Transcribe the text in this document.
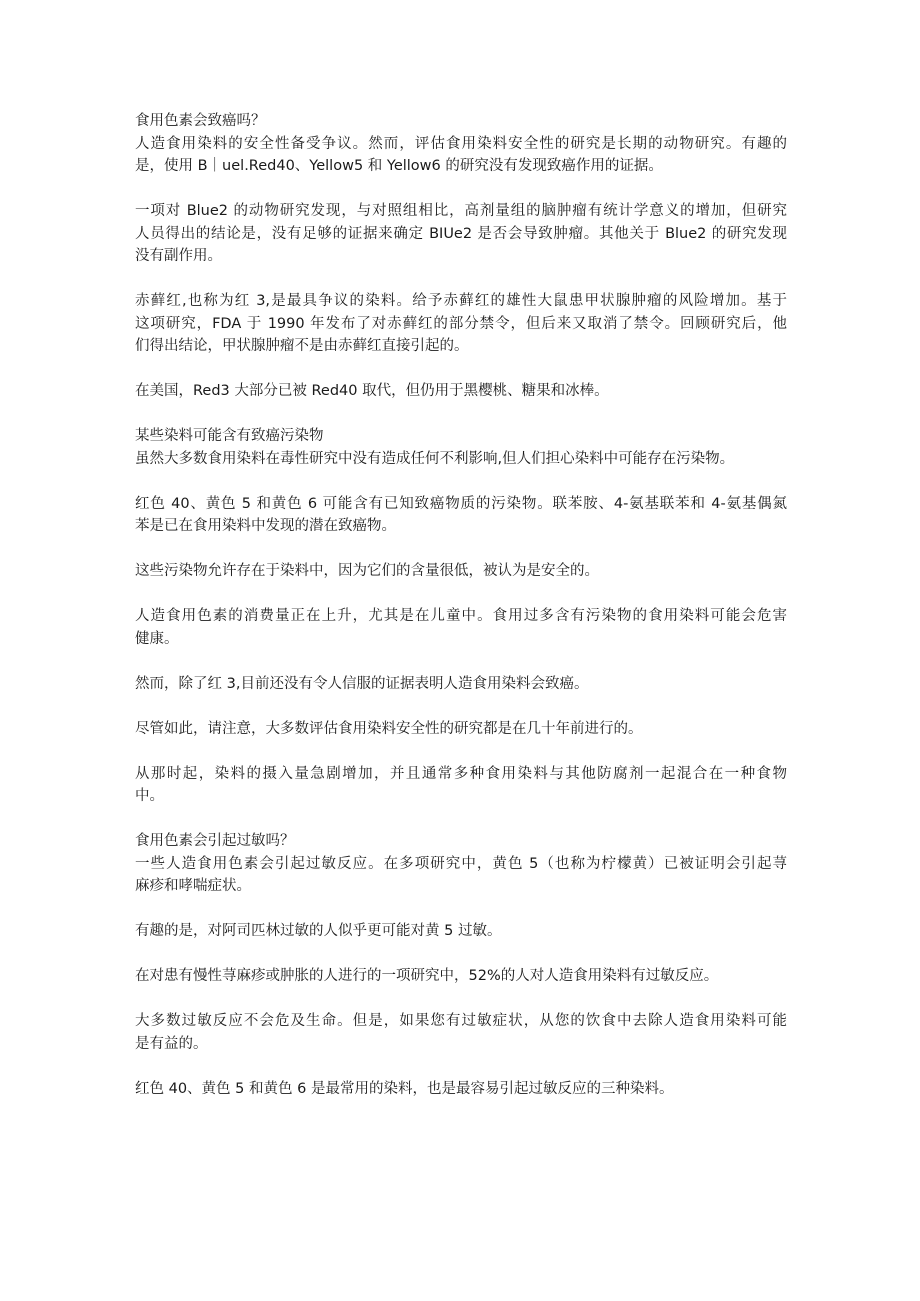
食用色素会致癌吗？
人造食用染料的安全性备受争议。然而，评估食用染料安全性的研究是长期的动物研究。有趣的
是，使用 B｜uel.Red40、Yellow5 和 Yellow6 的研究没有发现致癌作用的证据。
一项对 Blue2 的动物研究发现，与对照组相比，高剂量组的脑肿瘤有统计学意义的增加，但研究
人员得出的结论是，没有足够的证据来确定 BIUe2 是否会导致肿瘤。其他关于 Blue2 的研究发现
没有副作用。
赤藓红,也称为红 3,是最具争议的染料。给予赤藓红的雄性大鼠患甲状腺肿瘤的风险增加。基于
这项研究，FDA 于 1990 年发布了对赤藓红的部分禁令，但后来又取消了禁令。回顾研究后，他
们得出结论，甲状腺肿瘤不是由赤藓红直接引起的。
在美国，Red3 大部分已被 Red40 取代，但仍用于黑樱桃、糖果和冰棒。
某些染料可能含有致癌污染物
虽然大多数食用染料在毒性研究中没有造成任何不利影响,但人们担心染料中可能存在污染物。
红色 40、黄色 5 和黄色 6 可能含有已知致癌物质的污染物。联苯胺、4-氨基联苯和 4-氨基偶氮
苯是已在食用染料中发现的潜在致癌物。
这些污染物允许存在于染料中，因为它们的含量很低，被认为是安全的。
人造食用色素的消费量正在上升，尤其是在儿童中。食用过多含有污染物的食用染料可能会危害
健康。
然而，除了红 3,目前还没有令人信服的证据表明人造食用染料会致癌。
尽管如此，请注意，大多数评估食用染料安全性的研究都是在几十年前进行的。
从那时起，染料的摄入量急剧增加，并且通常多种食用染料与其他防腐剂一起混合在一种食物
中。
食用色素会引起过敏吗？
一些人造食用色素会引起过敏反应。在多项研究中，黄色 5（也称为柠檬黄）已被证明会引起荨
麻疹和哮喘症状。
有趣的是，对阿司匹林过敏的人似乎更可能对黄 5 过敏。
在对患有慢性荨麻疹或肿胀的人进行的一项研究中，52%的人对人造食用染料有过敏反应。
大多数过敏反应不会危及生命。但是，如果您有过敏症状，从您的饮食中去除人造食用染料可能
是有益的。
红色 40、黄色 5 和黄色 6 是最常用的染料，也是最容易引起过敏反应的三种染料。
